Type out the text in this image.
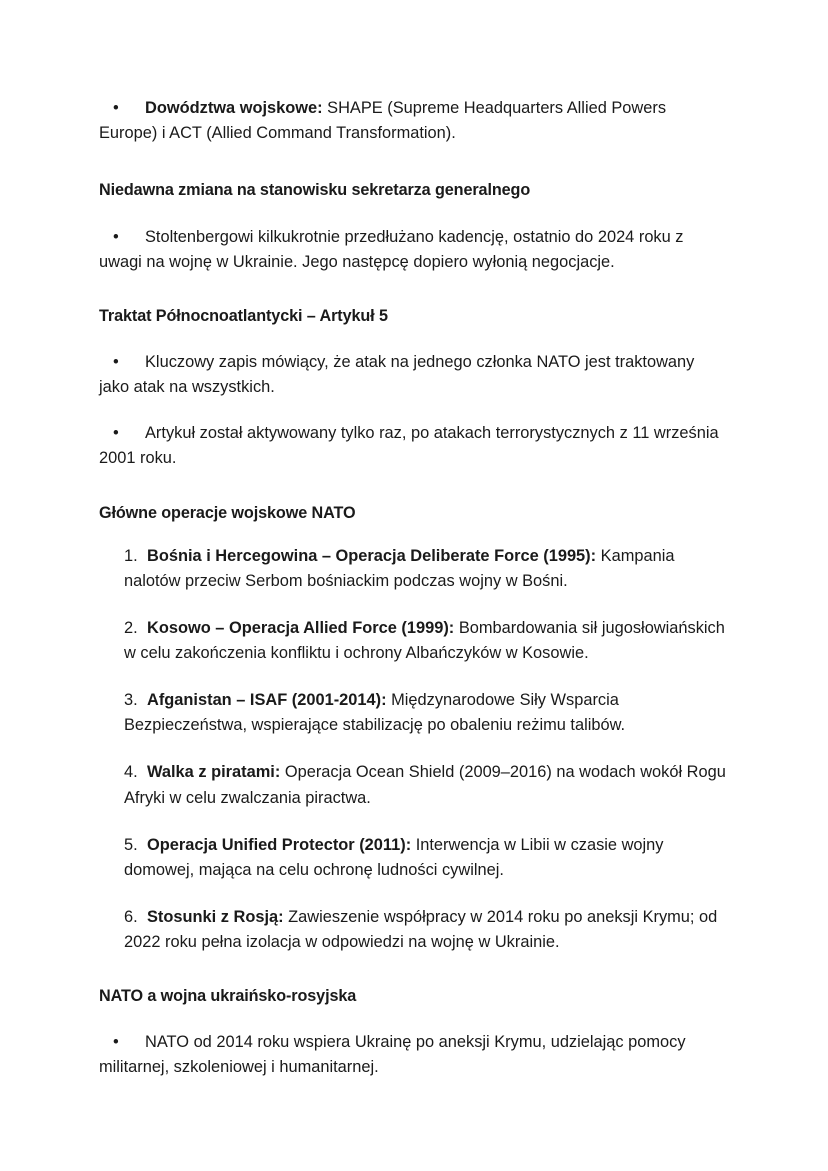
• Dowództwa wojskowe: SHAPE (Supreme Headquarters Allied Powers Europe) i ACT (Allied Command Transformation).

Niedawna zmiana na stanowisku sekretarza generalnego

• Stoltenbergowi kilkukrotnie przedłużano kadencję, ostatnio do 2024 roku z uwagi na wojnę w Ukrainie. Jego następcę dopiero wyłonią negocjacje.

Traktat Północnoatlantycki – Artykuł 5

• Kluczowy zapis mówiący, że atak na jednego członka NATO jest traktowany jako atak na wszystkich.

• Artykuł został aktywowany tylko raz, po atakach terrorystycznych z 11 września 2001 roku.

Główne operacje wojskowe NATO

1. Bośnia i Hercegowina – Operacja Deliberate Force (1995): Kampania nalotów przeciw Serbom bośniackim podczas wojny w Bośni.

2. Kosowo – Operacja Allied Force (1999): Bombardowania sił jugosłowiańskich w celu zakończenia konfliktu i ochrony Albańczyków w Kosowie.

3. Afganistan – ISAF (2001-2014): Międzynarodowe Siły Wsparcia Bezpieczeństwa, wspierające stabilizację po obaleniu reżimu talibów.

4. Walka z piratami: Operacja Ocean Shield (2009–2016) na wodach wokół Rogu Afryki w celu zwalczania piractwa.

5. Operacja Unified Protector (2011): Interwencja w Libii w czasie wojny domowej, mająca na celu ochronę ludności cywilnej.

6. Stosunki z Rosją: Zawieszenie współpracy w 2014 roku po aneksji Krymu; od 2022 roku pełna izolacja w odpowiedzi na wojnę w Ukrainie.

NATO a wojna ukraińsko-rosyjska

• NATO od 2014 roku wspiera Ukrainę po aneksji Krymu, udzielając pomocy militarnej, szkoleniowej i humanitarnej.
